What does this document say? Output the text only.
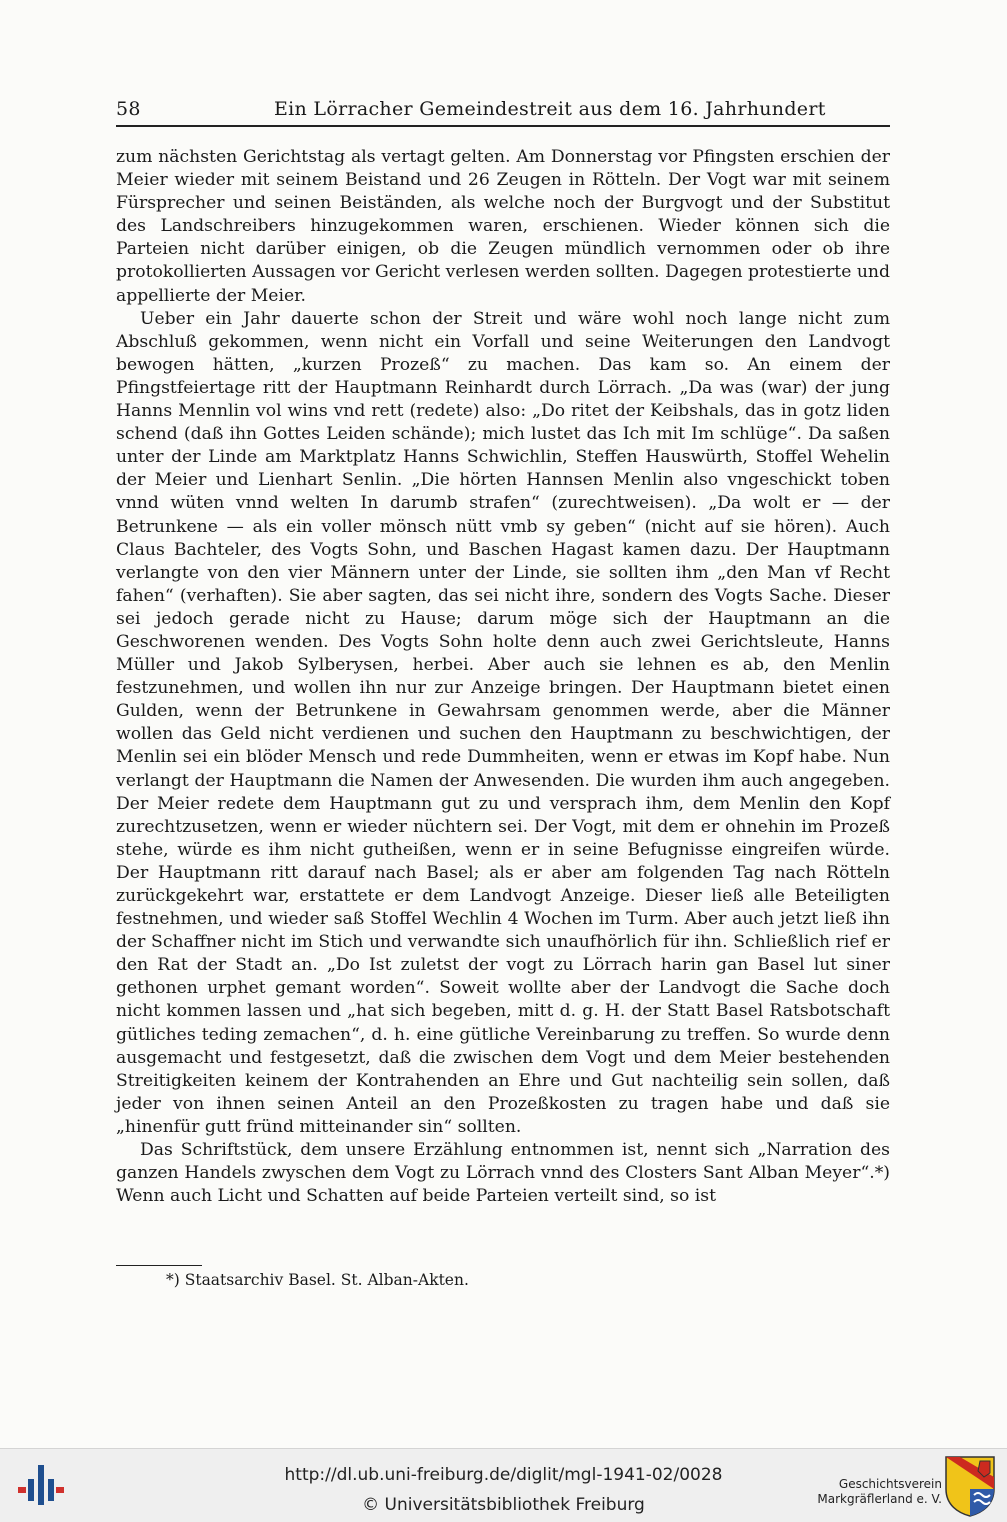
58	Ein Lörracher Gemeindestreit aus dem 16. Jahrhundert

zum nächsten Gerichtstag als vertagt gelten. Am Donnerstag vor Pfingsten erschien der Meier wieder mit seinem Beistand und 26 Zeugen in Rötteln. Der Vogt war mit seinem Fürsprecher und seinen Beiständen, als welche noch der Burgvogt und der Substitut des Landschreibers hinzugekommen waren, erschienen. Wieder können sich die Parteien nicht darüber einigen, ob die Zeugen mündlich vernommen oder ob ihre protokollierten Aussagen vor Gericht verlesen werden sollten. Dagegen protestierte und appellierte der Meier.

Ueber ein Jahr dauerte schon der Streit und wäre wohl noch lange nicht zum Abschluß gekommen, wenn nicht ein Vorfall und seine Weiterungen den Landvogt bewogen hätten, „kurzen Prozeß“ zu machen. Das kam so. An einem der Pfingstfeiertage ritt der Hauptmann Reinhardt durch Lörrach. „Da was (war) der jung Hanns Mennlin vol wins vnd rett (redete) also: „Do ritet der Keibshals, das in gotz liden schend (daß ihn Gottes Leiden schände); mich lustet das Ich mit Im schlüge“. Da saßen unter der Linde am Marktplatz Hanns Schwichlin, Steffen Hauswürth, Stoffel Wehelin der Meier und Lienhart Senlin. „Die hörten Hannsen Menlin also vngeschickt toben vnnd wüten vnnd welten In darumb strafen“ (zurechtweisen). „Da wolt er — der Betrunkene — als ein voller mönsch nütt vmb sy geben“ (nicht auf sie hören). Auch Claus Bachteler, des Vogts Sohn, und Baschen Hagast kamen dazu. Der Hauptmann verlangte von den vier Männern unter der Linde, sie sollten ihm „den Man vf Recht fahen“ (verhaften). Sie aber sagten, das sei nicht ihre, sondern des Vogts Sache. Dieser sei jedoch gerade nicht zu Hause; darum möge sich der Hauptmann an die Geschworenen wenden. Des Vogts Sohn holte denn auch zwei Gerichtsleute, Hanns Müller und Jakob Sylberysen, herbei. Aber auch sie lehnen es ab, den Menlin festzunehmen, und wollen ihn nur zur Anzeige bringen. Der Hauptmann bietet einen Gulden, wenn der Betrunkene in Gewahrsam genommen werde, aber die Männer wollen das Geld nicht verdienen und suchen den Hauptmann zu beschwichtigen, der Menlin sei ein blöder Mensch und rede Dummheiten, wenn er etwas im Kopf habe. Nun verlangt der Hauptmann die Namen der Anwesenden. Die wurden ihm auch angegeben. Der Meier redete dem Hauptmann gut zu und versprach ihm, dem Menlin den Kopf zurechtzusetzen, wenn er wieder nüchtern sei. Der Vogt, mit dem er ohnehin im Prozeß stehe, würde es ihm nicht gutheißen, wenn er in seine Befugnisse eingreifen würde. Der Hauptmann ritt darauf nach Basel; als er aber am folgenden Tag nach Rötteln zurückgekehrt war, erstattete er dem Landvogt Anzeige. Dieser ließ alle Beteiligten festnehmen, und wieder saß Stoffel Wechlin 4 Wochen im Turm. Aber auch jetzt ließ ihn der Schaffner nicht im Stich und verwandte sich unaufhörlich für ihn. Schließlich rief er den Rat der Stadt an. „Do Ist zuletst der vogt zu Lörrach harin gan Basel lut siner gethonen urphet gemant worden“. Soweit wollte aber der Landvogt die Sache doch nicht kommen lassen und „hat sich begeben, mitt d. g. H. der Statt Basel Ratsbotschaft gütliches teding zemachen“, d. h. eine gütliche Vereinbarung zu treffen. So wurde denn ausgemacht und festgesetzt, daß die zwischen dem Vogt und dem Meier bestehenden Streitigkeiten keinem der Kontrahenden an Ehre und Gut nachteilig sein sollen, daß jeder von ihnen seinen Anteil an den Prozeßkosten zu tragen habe und daß sie „hinenfür gutt fründ mitteinander sin“ sollten.

Das Schriftstück, dem unsere Erzählung entnommen ist, nennt sich „Narration des ganzen Handels zwyschen dem Vogt zu Lörrach vnnd des Closters Sant Alban Meyer“.*) Wenn auch Licht und Schatten auf beide Parteien verteilt sind, so ist

*) Staatsarchiv Basel. St. Alban-Akten.
http://dl.ub.uni-freiburg.de/diglit/mgl-1941-02/0028
© Universitätsbibliothek Freiburg
Geschichtsverein
Markgräflerland e. V.
